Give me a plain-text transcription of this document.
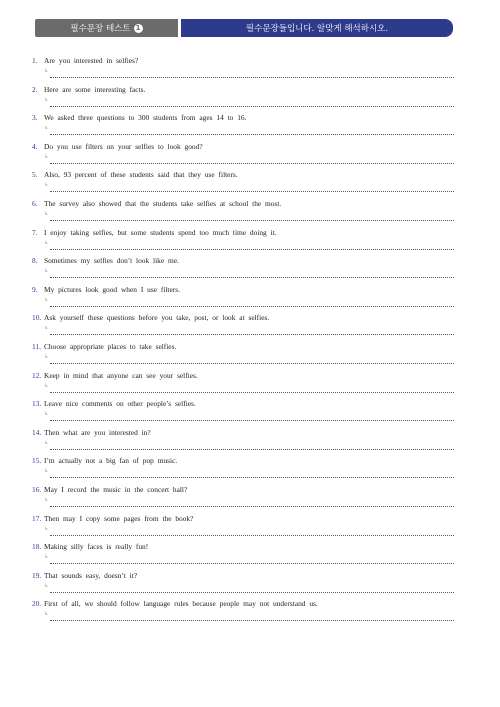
필수문장 테스트 1	필수문장들입니다. 알맞게 해석하시오.
1. Are you interested in selfies?
↳
2. Here are some interesting facts.
↳
3. We asked three questions to 300 students from ages 14 to 16.
↳
4. Do you use filters on your selfies to look good?
↳
5. Also, 93 percent of these students said that they use filters.
↳
6. The survey also showed that the students take selfies at school the most.
↳
7. I enjoy taking selfies, but some students spend too much time doing it.
↳
8. Sometimes my selfies don’t look like me.
↳
9. My pictures look good when I use filters.
↳
10. Ask yourself these questions before you take, post, or look at selfies.
↳
11. Choose appropriate places to take selfies.
↳
12. Keep in mind that anyone can see your selfies.
↳
13. Leave nice comments on other people’s selfies.
↳
14. Then what are you interested in?
↳
15. I’m actually not a big fan of pop music.
↳
16. May I record the music in the concert hall?
↳
17. Then may I copy some pages from the book?
↳
18. Making silly faces is really fun!
↳
19. That sounds easy, doesn’t it?
↳
20. First of all, we should follow language rules because people may not understand us.
↳
